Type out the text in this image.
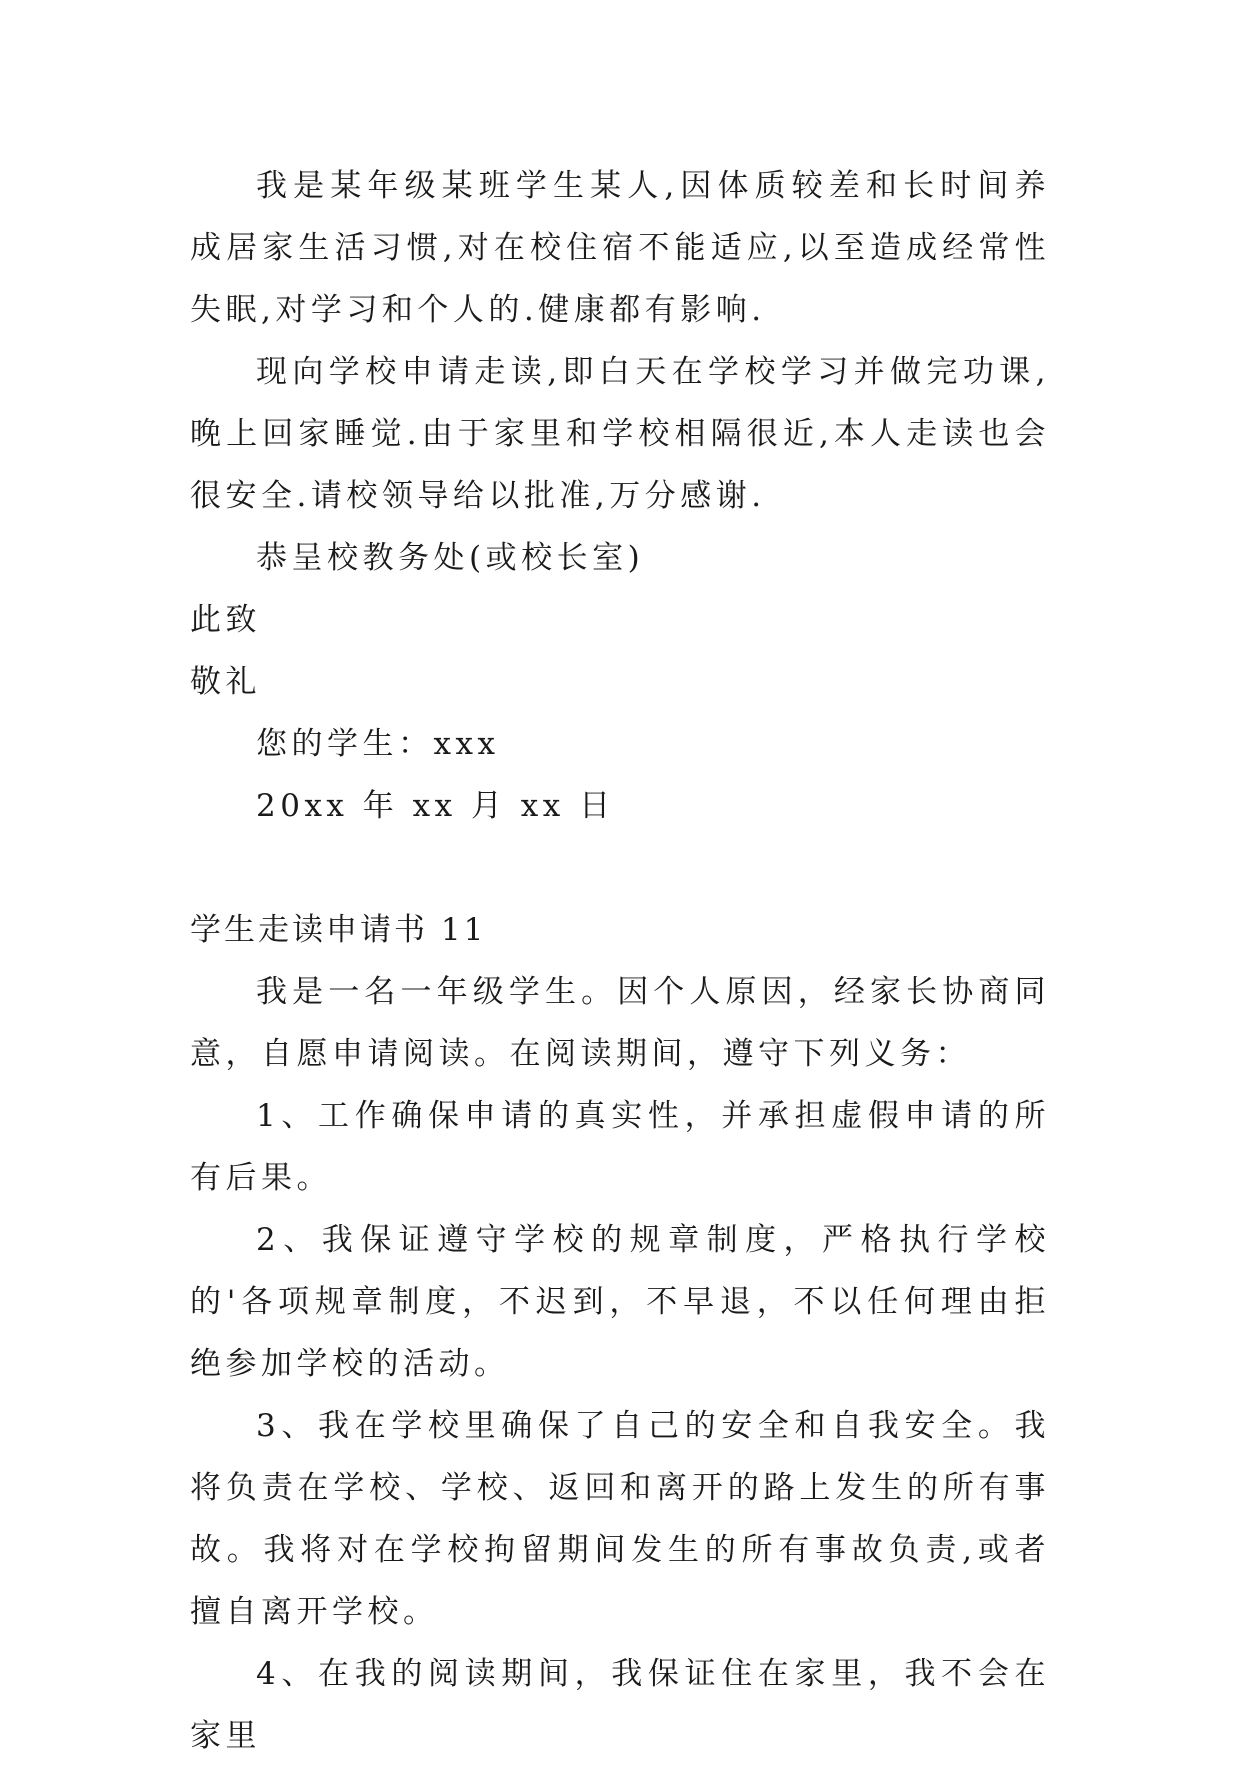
我是某年级某班学生某人,因体质较差和长时间养成居家生活习惯,对在校住宿不能适应,以至造成经常性失眠,对学习和个人的.健康都有影响.

现向学校申请走读,即白天在学校学习并做完功课,晚上回家睡觉.由于家里和学校相隔很近,本人走读也会很安全.请校领导给以批准,万分感谢.

恭呈校教务处(或校长室)

此致

敬礼

您的学生：xxx

20xx 年 xx 月 xx 日

学生走读申请书 11

我是一名一年级学生。因个人原因，经家长协商同意，自愿申请阅读。在阅读期间，遵守下列义务：

1、工作确保申请的真实性，并承担虚假申请的所有后果。

2、我保证遵守学校的规章制度，严格执行学校的'各项规章制度，不迟到，不早退，不以任何理由拒绝参加学校的活动。

3、我在学校里确保了自己的安全和自我安全。我将负责在学校、学校、返回和离开的路上发生的所有事故。我将对在学校拘留期间发生的所有事故负责,或者擅自离开学校。

4、在我的阅读期间，我保证住在家里，我不会在家里
